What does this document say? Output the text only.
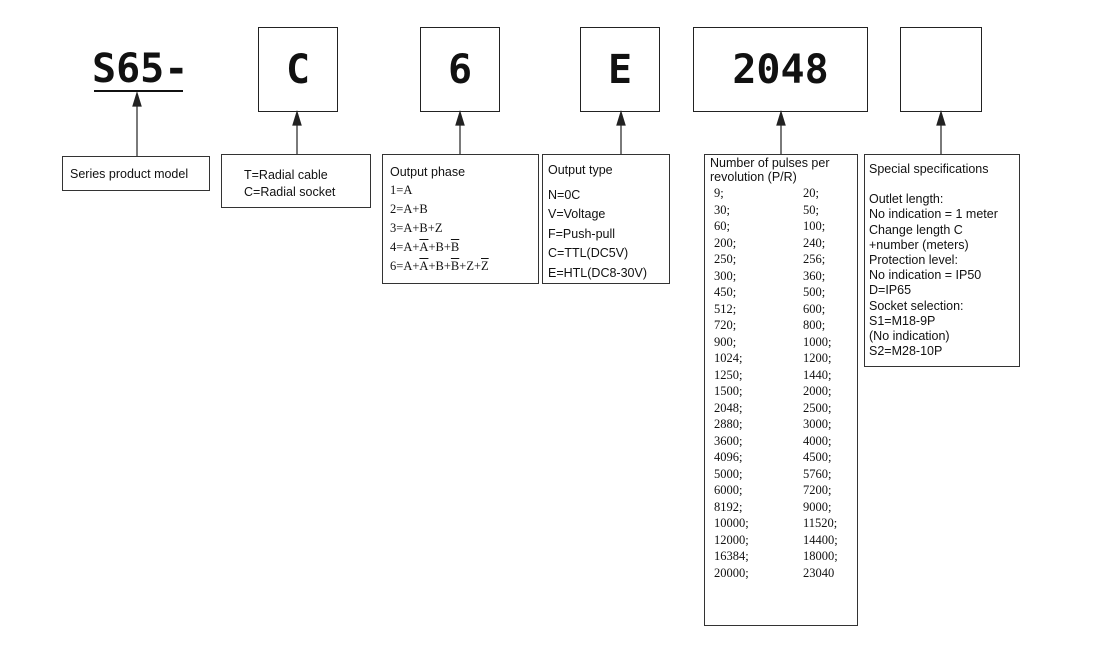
S65-	C	6	E	2048
Series product model	T=Radial cable
C=Radial socket
Output phase
1=A
2=A+B
3=A+B+Z
$4=A+\overline{A}+B+\overline{B}$
$6=A+\overline{A}+B+\overline{B}+Z+\overline{Z}$
Output type
N=0C
V=Voltage
F=Push-pull
C=TTL(DC5V)
E=HTL(DC8-30V)
Number of pulses per revolution (P/R)
9;	20;
30;	50;
60;	100;
200;	240;
250;	256;
300;	360;
450;	500;
512;	600;
720;	800;
900;	1000;
1024;	1200;
1250;	1440;
1500;	2000;
2048;	2500;
2880;	3000;
3600;	4000;
4096;	4500;
5000;	5760;
6000;	7200;
8192;	9000;
10000;	11520;
12000;	14400;
16384;	18000;
20000;	23040
Special specifications
Outlet length:
No indication = 1 meter
Change length C
+number (meters)
Protection level:
No indication = IP50
D=IP65
Socket selection:
S1=M18-9P
(No indication)
S2=M28-10P
